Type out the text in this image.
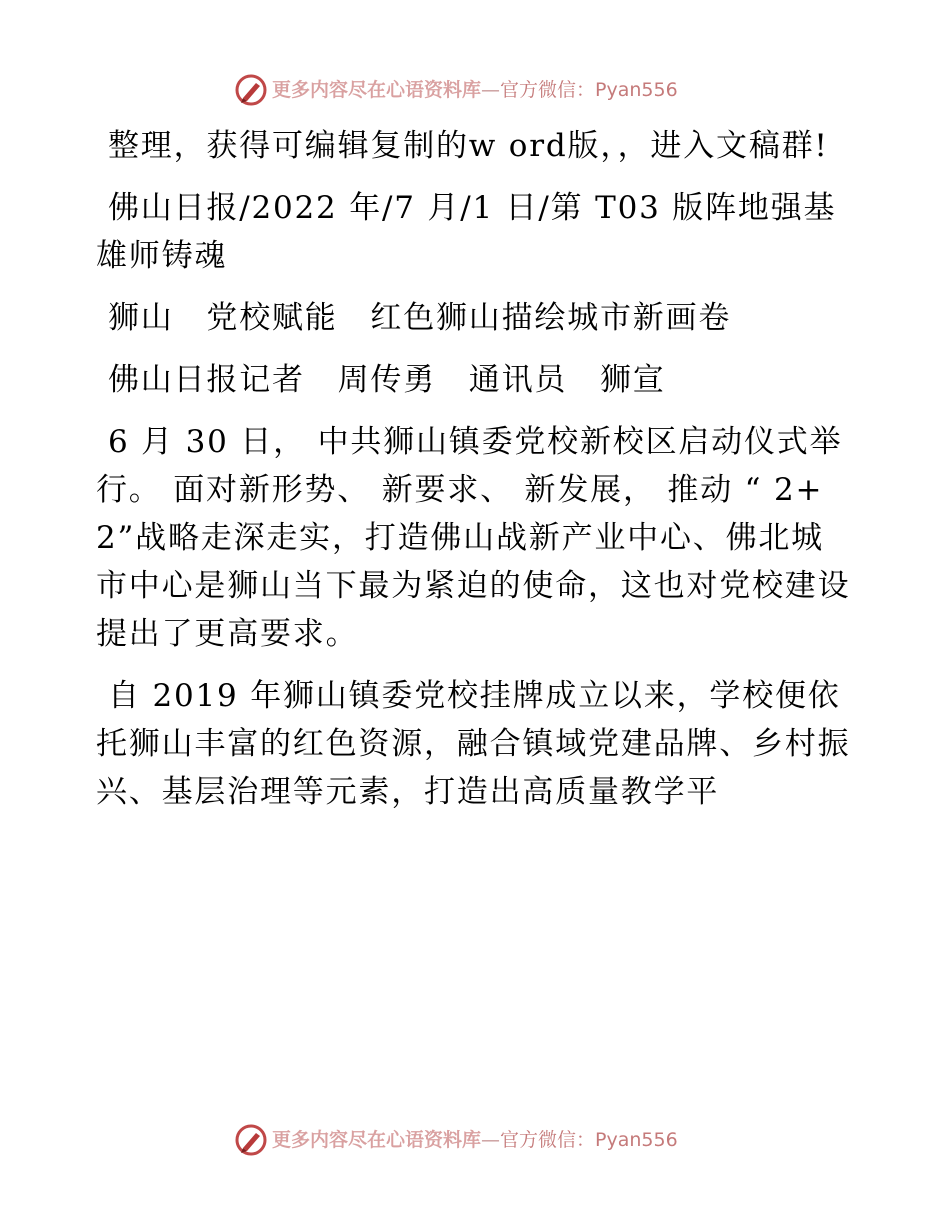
更多内容尽在心语资料库 — 官方微信：Pyan556

整理，获得可编辑复制的w ord版，，进入文稿群!

佛山日报/2022 年/7 月/1 日/第 T03 版阵地强基 雄师铸魂

狮山　党校赋能　红色狮山描绘城市新画卷

佛山日报记者　周传勇　通讯员　狮宣

6 月 30 日， 中共狮山镇委党校新校区启动仪式举行。 面对新形势、 新要求、 新发展， 推动 “ 2+2”战略走深走实，打造佛山战新产业中心、佛北城市中心是狮山当下最为紧迫的使命，这也对党校建设提出了更高要求。

自 2019 年狮山镇委党校挂牌成立以来，学校便依托狮山丰富的红色资源，融合镇域党建品牌、乡村振兴、基层治理等元素，打造出高质量教学平

更多内容尽在心语资料库 — 官方微信：Pyan556
